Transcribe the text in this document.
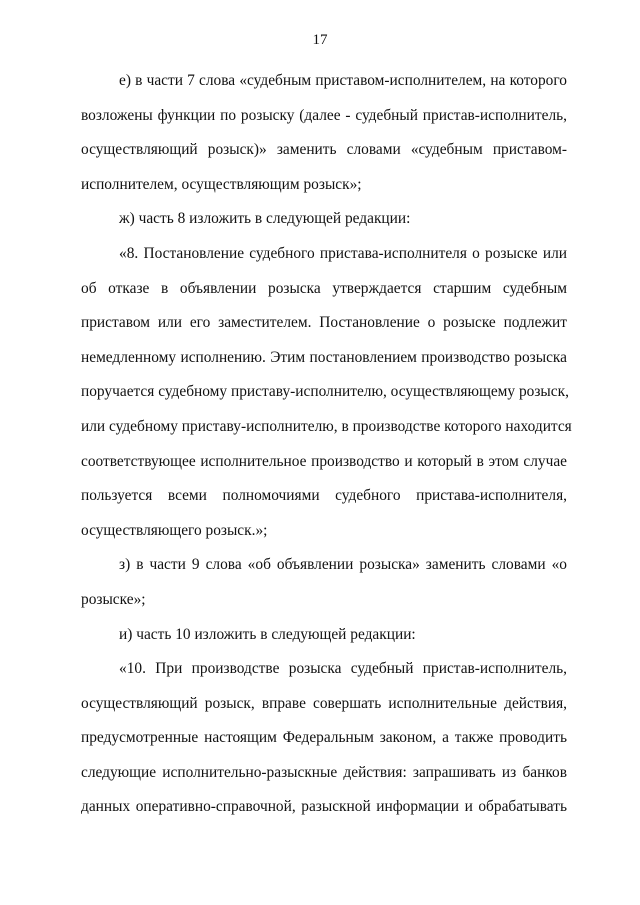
17
е) в части 7 слова «судебным приставом-исполнителем, на которого
возложены функции по розыску (далее - судебный пристав-исполнитель,
осуществляющий розыск)» заменить словами «судебным приставом-
исполнителем, осуществляющим розыск»;
ж) часть 8 изложить в следующей редакции:
«8. Постановление судебного пристава-исполнителя о розыске или
об отказе в объявлении розыска утверждается старшим судебным
приставом или его заместителем. Постановление о розыске подлежит
немедленному исполнению. Этим постановлением производство розыска
поручается судебному приставу-исполнителю, осуществляющему розыск,
или судебному приставу-исполнителю, в производстве которого находится
соответствующее исполнительное производство и который в этом случае
пользуется всеми полномочиями судебного пристава-исполнителя,
осуществляющего розыск.»;
з) в части 9 слова «об объявлении розыска» заменить словами «о
розыске»;
и) часть 10 изложить в следующей редакции:
«10. При производстве розыска судебный пристав-исполнитель,
осуществляющий розыск, вправе совершать исполнительные действия,
предусмотренные настоящим Федеральным законом, а также проводить
следующие исполнительно-разыскные действия: запрашивать из банков
данных оперативно-справочной, разыскной информации и обрабатывать
